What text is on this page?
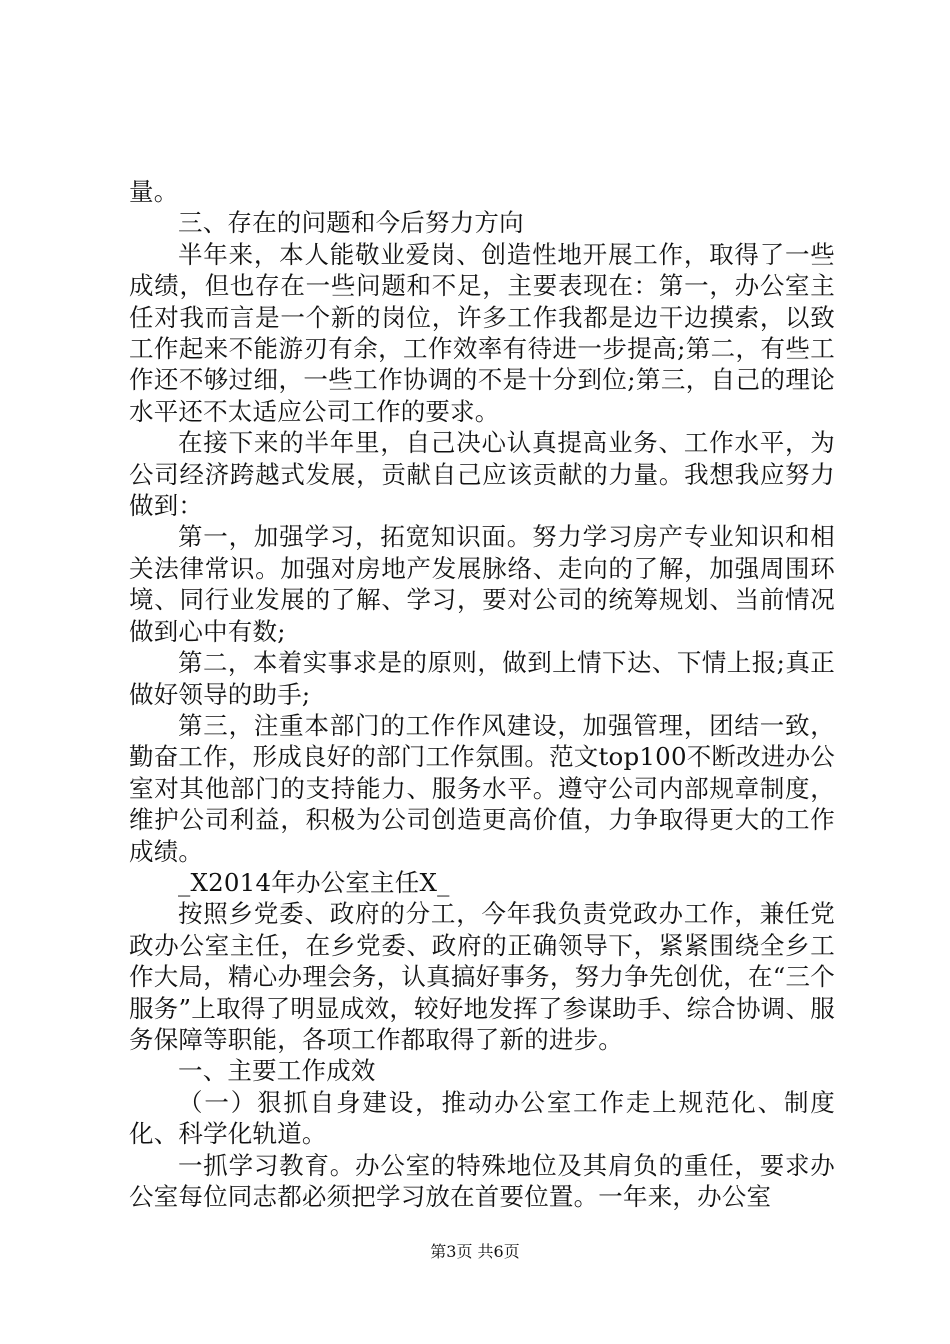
量。

三、存在的问题和今后努力方向

半年来，本人能敬业爱岗、创造性地开展工作，取得了一些成绩，但也存在一些问题和不足，主要表现在：第一，办公室主任对我而言是一个新的岗位，许多工作我都是边干边摸索，以致工作起来不能游刃有余，工作效率有待进一步提高;第二，有些工作还不够过细，一些工作协调的不是十分到位;第三，自己的理论水平还不太适应公司工作的要求。

在接下来的半年里，自己决心认真提高业务、工作水平，为公司经济跨越式发展，贡献自己应该贡献的力量。我想我应努力做到：

第一，加强学习，拓宽知识面。努力学习房产专业知识和相关法律常识。加强对房地产发展脉络、走向的了解，加强周围环境、同行业发展的了解、学习，要对公司的统筹规划、当前情况做到心中有数;

第二，本着实事求是的原则，做到上情下达、下情上报;真正做好领导的助手;

第三，注重本部门的工作作风建设，加强管理，团结一致，勤奋工作，形成良好的部门工作氛围。范文top100不断改进办公室对其他部门的支持能力、服务水平。遵守公司内部规章制度，维护公司利益，积极为公司创造更高价值，力争取得更大的工作成绩。

_X2014年办公室主任X_

按照乡党委、政府的分工，今年我负责党政办工作，兼任党政办公室主任，在乡党委、政府的正确领导下，紧紧围绕全乡工作大局，精心办理会务，认真搞好事务，努力争先创优，在“三个服务”上取得了明显成效，较好地发挥了参谋助手、综合协调、服务保障等职能，各项工作都取得了新的进步。

一、主要工作成效

（一）狠抓自身建设，推动办公室工作走上规范化、制度化、科学化轨道。

一抓学习教育。办公室的特殊地位及其肩负的重任，要求办公室每位同志都必须把学习放在首要位置。一年来，办公室

第3页 共6页
